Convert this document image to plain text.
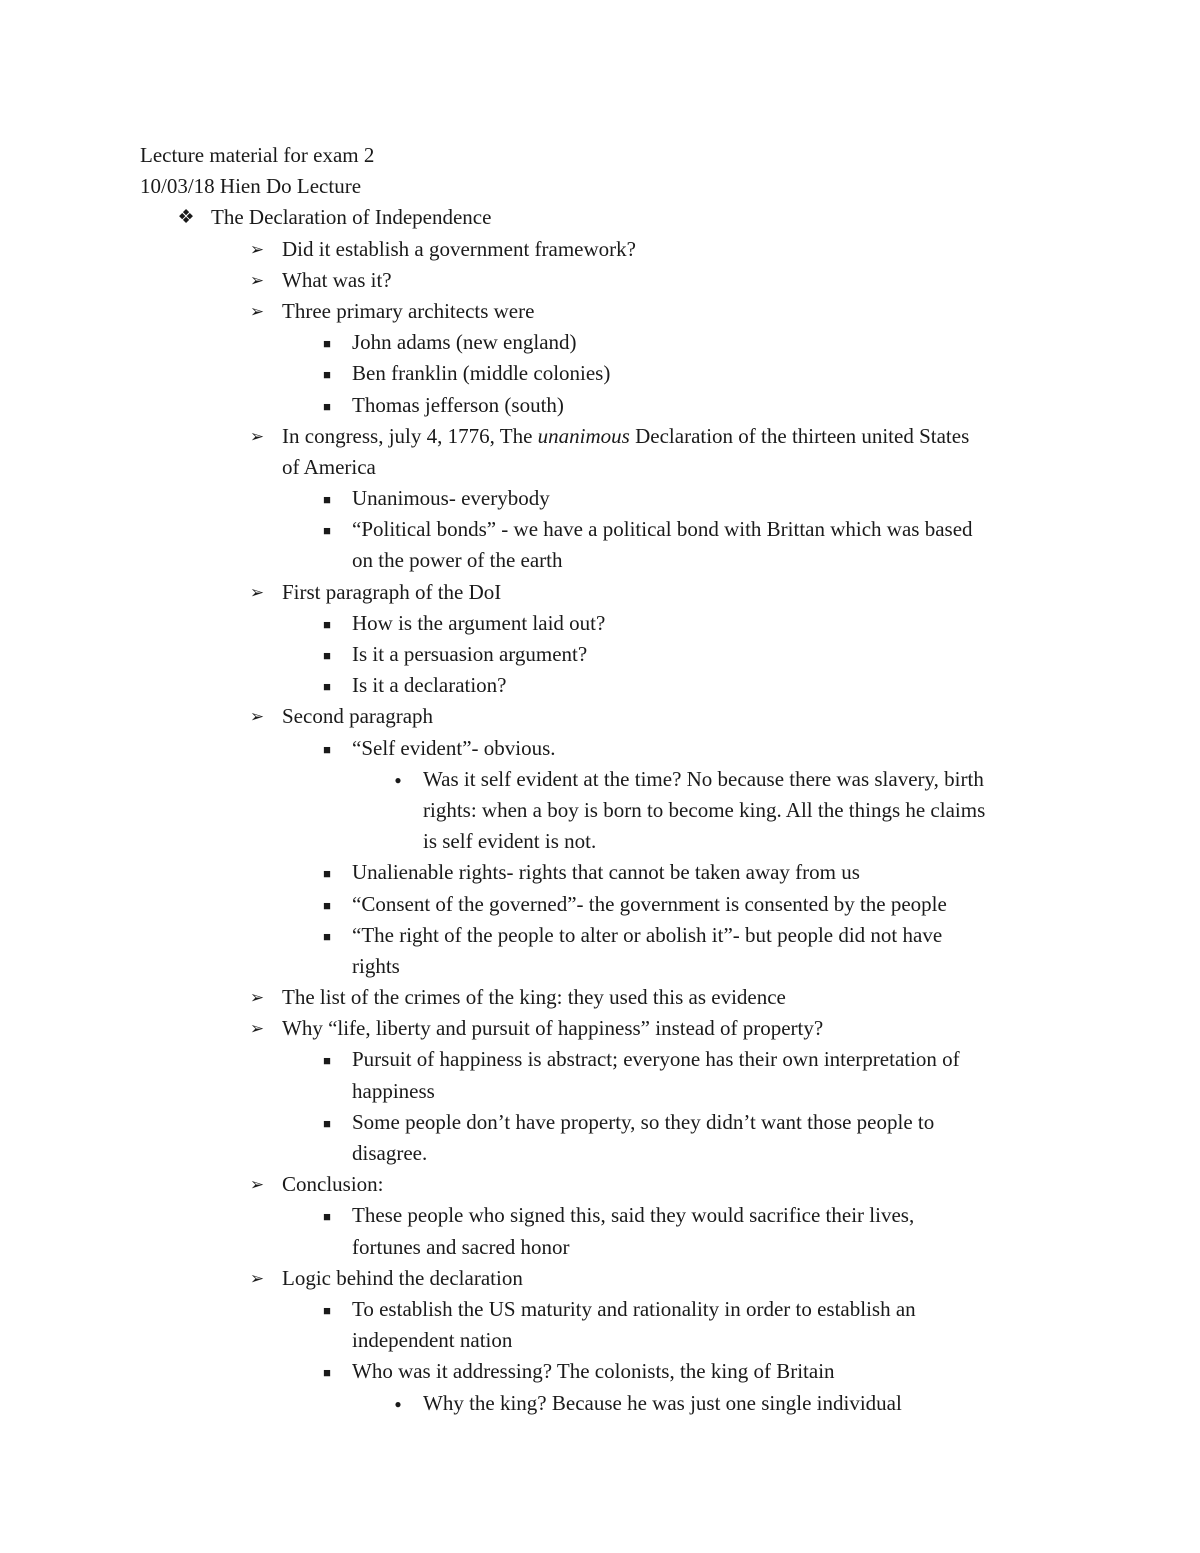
Lecture material for exam 2
10/03/18 Hien Do Lecture
❖ The Declaration of Independence
➢ Did it establish a government framework?
➢ What was it?
➢ Three primary architects were
■	John adams (new england)
■	Ben franklin (middle colonies)
■	Thomas jefferson (south)
➢ In congress, july 4, 1776, The unanimous Declaration of the thirteen united States
of America
■	Unanimous- everybody
■	“Political bonds” - we have a political bond with Brittan which was based
on the power of the earth
➢ First paragraph of the DoI
■	How is the argument laid out?
■	Is it a persuasion argument?
■	Is it a declaration?
➢ Second paragraph
■	“Self evident”- obvious.
●	Was it self evident at the time? No because there was slavery, birth
rights: when a boy is born to become king. All the things he claims
is self evident is not.
■	Unalienable rights- rights that cannot be taken away from us
■	“Consent of the governed”- the government is consented by the people
■	“The right of the people to alter or abolish it”- but people did not have
rights
➢ The list of the crimes of the king: they used this as evidence
➢ Why “life, liberty and pursuit of happiness” instead of property?
■	Pursuit of happiness is abstract; everyone has their own interpretation of
happiness
■	Some people don’t have property, so they didn’t want those people to
disagree.
➢ Conclusion:
■	These people who signed this, said they would sacrifice their lives,
fortunes and sacred honor
➢ Logic behind the declaration
■	To establish the US maturity and rationality in order to establish an
independent nation
■	Who was it addressing? The colonists, the king of Britain
●	Why the king? Because he was just one single individual
